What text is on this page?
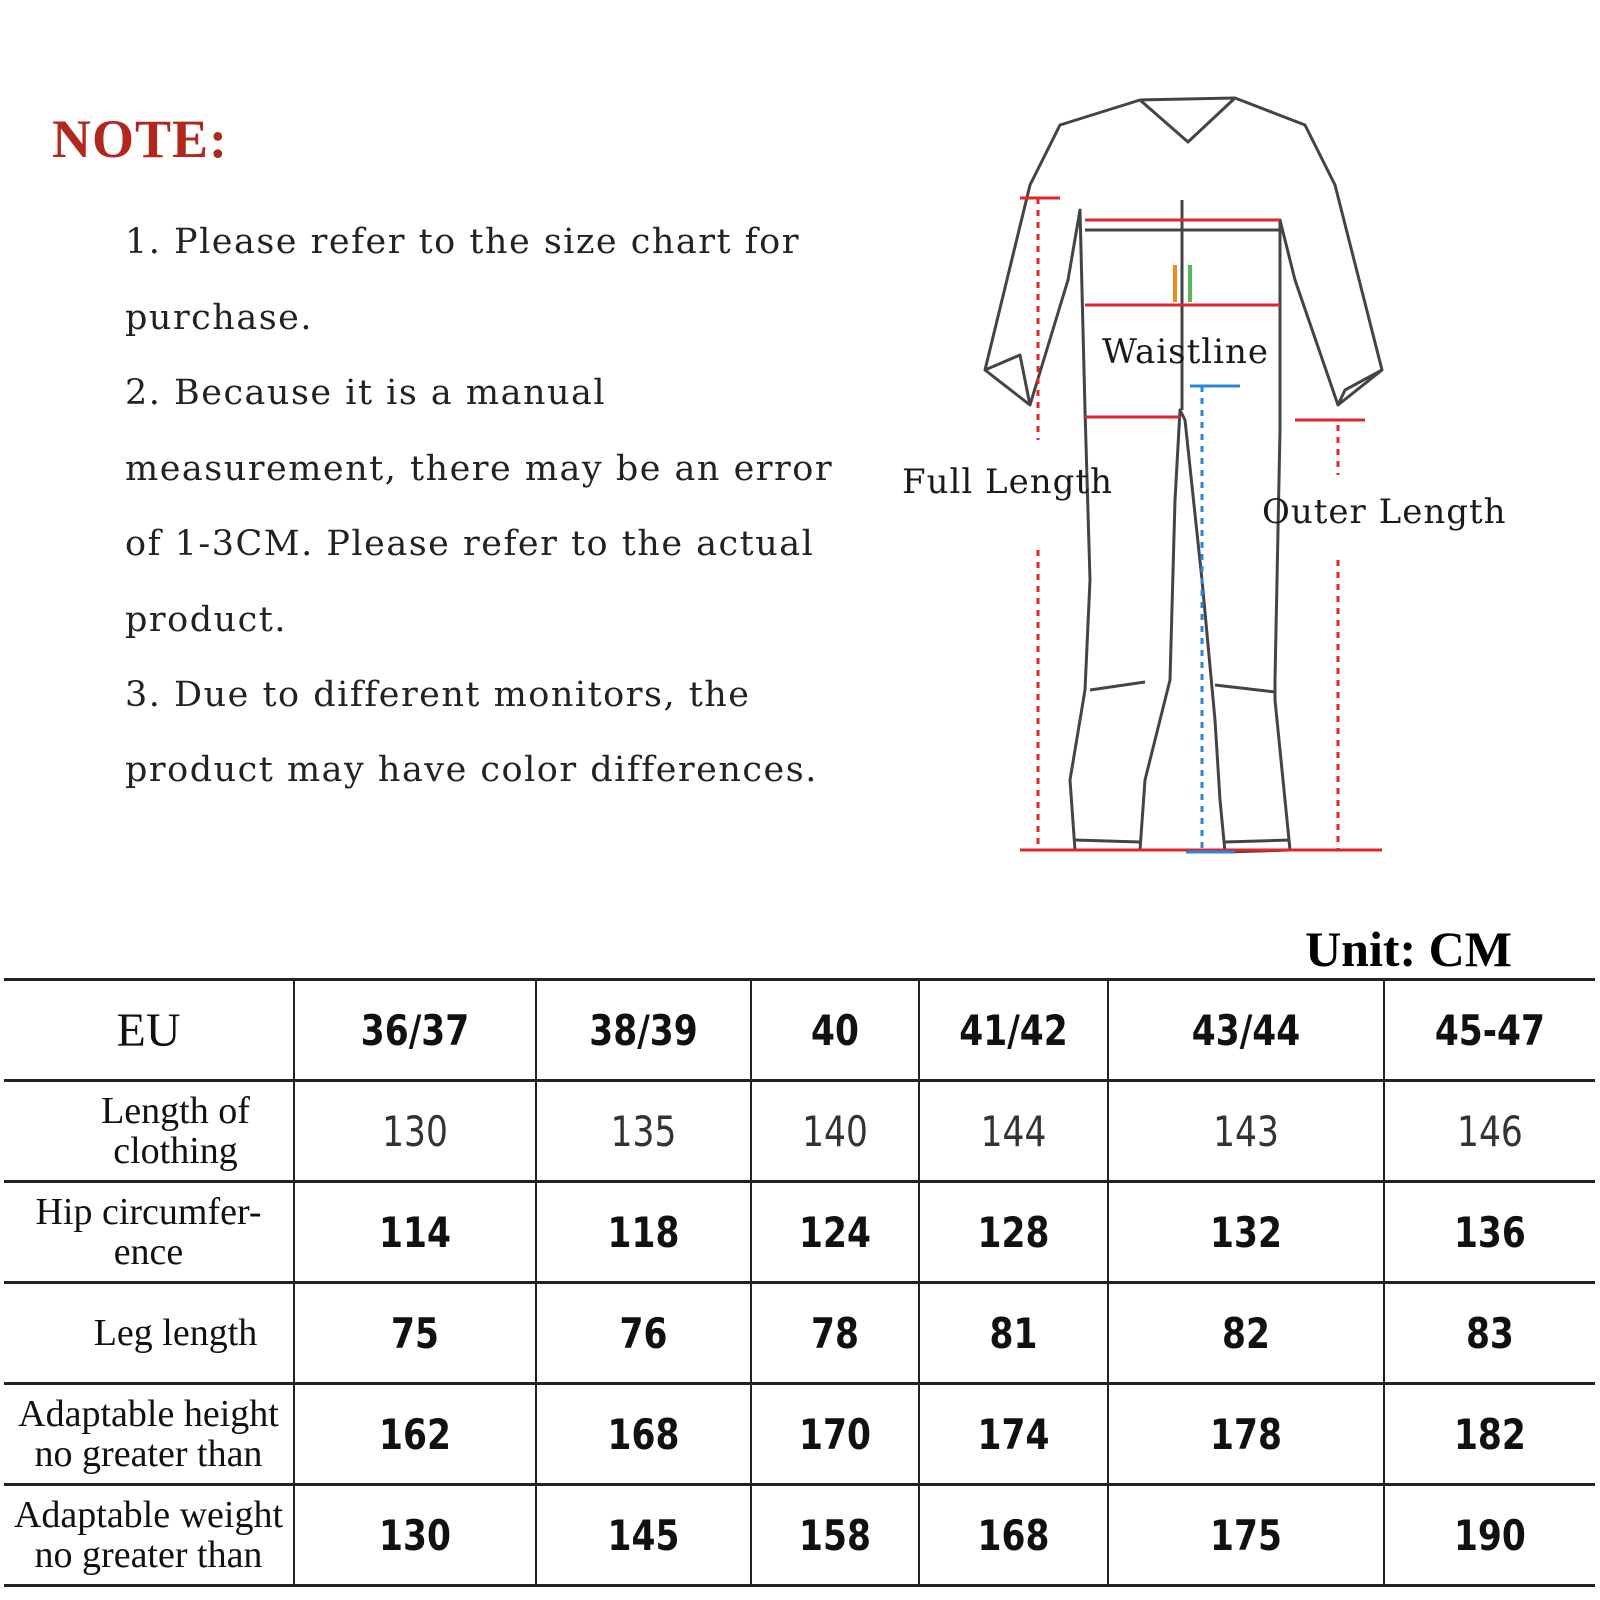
NOTE:
1. Please refer to the size chart for
purchase.
2. Because it is a manual
measurement, there may be an error
of 1-3CM. Please refer to the actual
product.
3. Due to different monitors, the
product may have color differences.
Waistline
Full Length
Outer Length
Unit: CM
EU	36/37	38/39	40	41/42	43/44	45-47

Length of
clothing	130	135	140	144	143	146

Hip circumfer-
ence	114	118	124	128	132	136

Leg length	75	76	78	81	82	83

Adaptable height
no greater than	162	168	170	174	178	182

Adaptable weight
no greater than	130	145	158	168	175	190
